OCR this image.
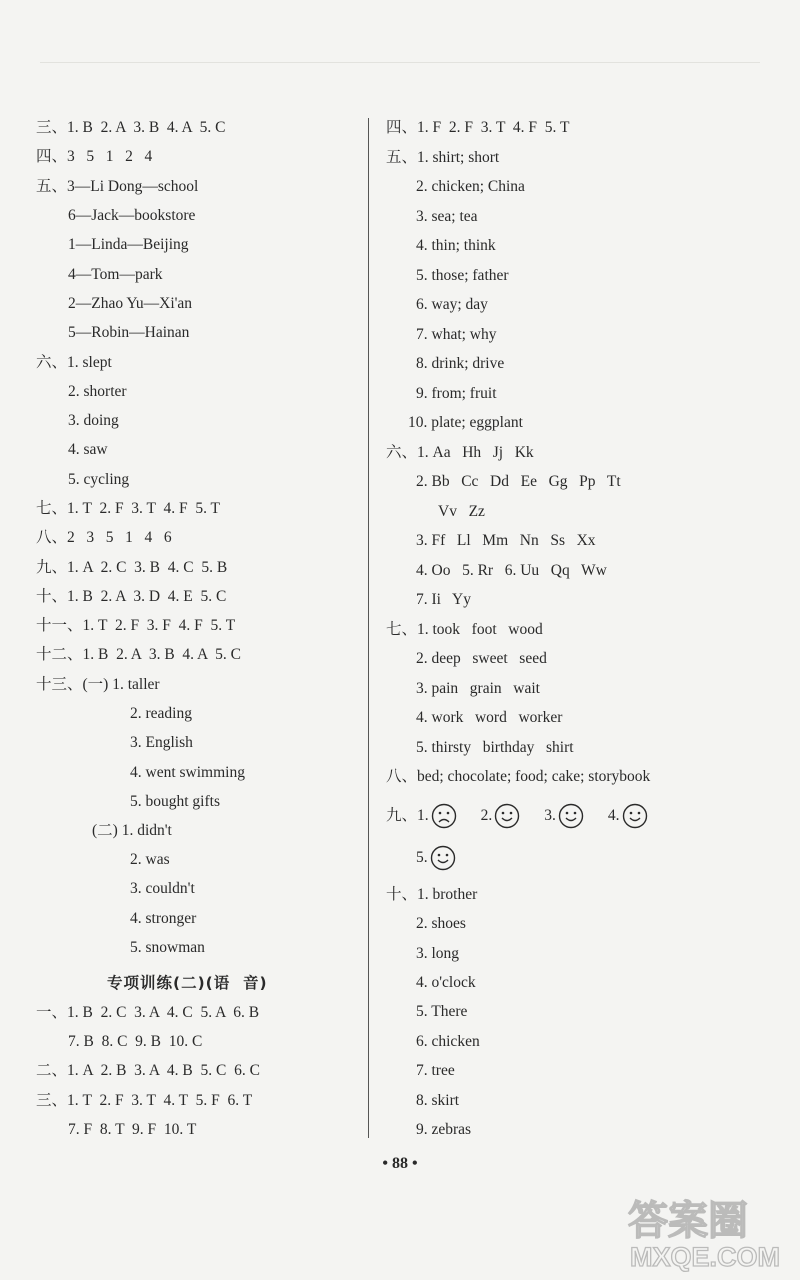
三、1. B  2. A  3. B  4. A  5. C
四、3   5   1   2   4
五、3—Li Dong—school
6—Jack—bookstore
1—Linda—Beijing
4—Tom—park
2—Zhao Yu—Xi'an
5—Robin—Hainan
六、1. slept
2. shorter
3. doing
4. saw
5. cycling
七、1. T  2. F  3. T  4. F  5. T
八、2   3   5   1   4   6
九、1. A  2. C  3. B  4. C  5. B
十、1. B  2. A  3. D  4. E  5. C
十一、1. T  2. F  3. F  4. F  5. T
十二、1. B  2. A  3. B  4. A  5. C
十三、(一) 1. taller
2. reading
3. English
4. went swimming
5. bought gifts
(二) 1. didn't
2. was
3. couldn't
4. stronger
5. snowman
专项训练(二)(语  音)
一、1. B  2. C  3. A  4. C  5. A  6. B
7. B  8. C  9. B  10. C
二、1. A  2. B  3. A  4. B  5. C  6. C
三、1. T  2. F  3. T  4. T  5. F  6. T
7. F  8. T  9. F  10. T
四、1. F  2. F  3. T  4. F  5. T
五、1. shirt; short
2. chicken; China
3. sea; tea
4. thin; think
5. those; father
6. way; day
7. what; why
8. drink; drive
9. from; fruit
10. plate; eggplant
六、1. Aa   Hh   Jj   Kk
2. Bb   Cc   Dd   Ee   Gg   Pp   Tt
Vv   Zz
3. Ff   Ll   Mm   Nn   Ss   Xx
4. Oo   5. Rr   6. Uu   Qq   Ww
7. Ii   Yy
七、1. took   foot   wood
2. deep   sweet   seed
3. pain   grain   wait
4. work   word   worker
5. thirsty   birthday   shirt
八、bed; chocolate; food; cake; storybook
九、1.	2.	3.	4.
5.
十、1. brother
2. shoes
3. long
4. o'clock
5. There
6. chicken
7. tree
8. skirt
9. zebras
• 88 •
答案圈
MXQE.COM
